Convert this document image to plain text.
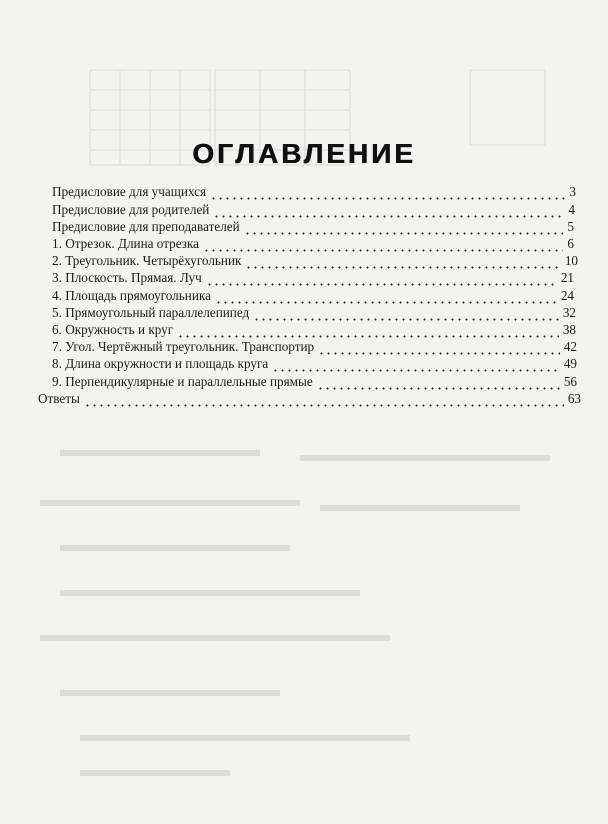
ОГЛАВЛЕНИЕ
Предисловие для учащихся	3
Предисловие для родителей	4
Предисловие для преподавателей	5
1. Отрезок. Длина отрезка	6
2. Треугольник. Четырёхугольник	10
3. Плоскость. Прямая. Луч	21
4. Площадь прямоугольника	24
5. Прямоугольный параллелепипед	32
6. Окружность и круг	38
7. Угол. Чертёжный треугольник. Транспортир	42
8. Длина окружности и площадь круга	49
9. Перпендикулярные и параллельные прямые	56
Ответы	63
